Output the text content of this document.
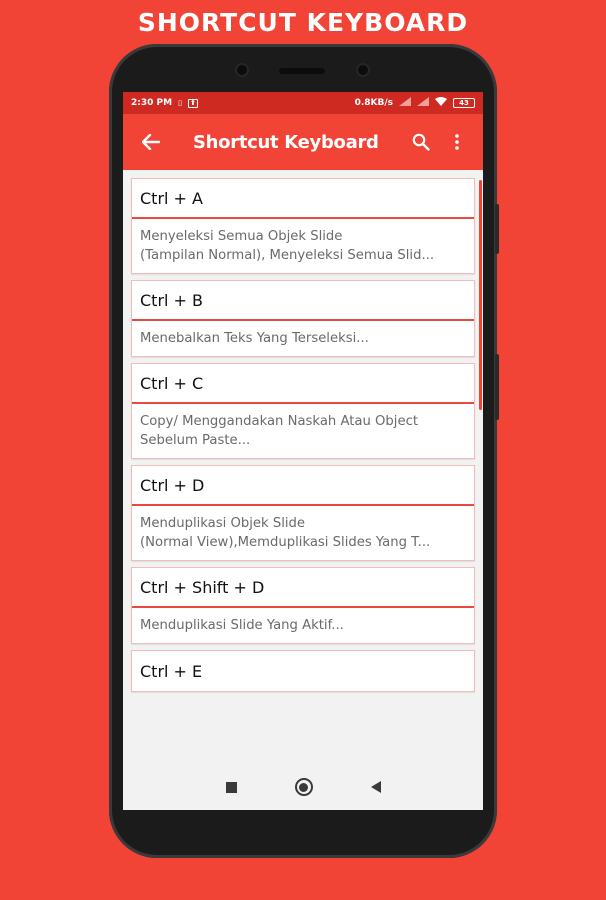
SHORTCUT KEYBOARD
2:30 PM ▯ ⬆	0.8KB/s	43
Shortcut Keyboard
Ctrl + A
Menyeleksi Semua Objek Slide
(Tampilan Normal), Menyeleksi Semua Slid...
Ctrl + B
Menebalkan Teks Yang Terseleksi...
Ctrl + C
Copy/ Menggandakan Naskah Atau Object
Sebelum Paste...
Ctrl + D
Menduplikasi Objek Slide
(Normal View),Memduplikasi Slides Yang T...
Ctrl + Shift + D
Menduplikasi Slide Yang Aktif...
Ctrl + E
